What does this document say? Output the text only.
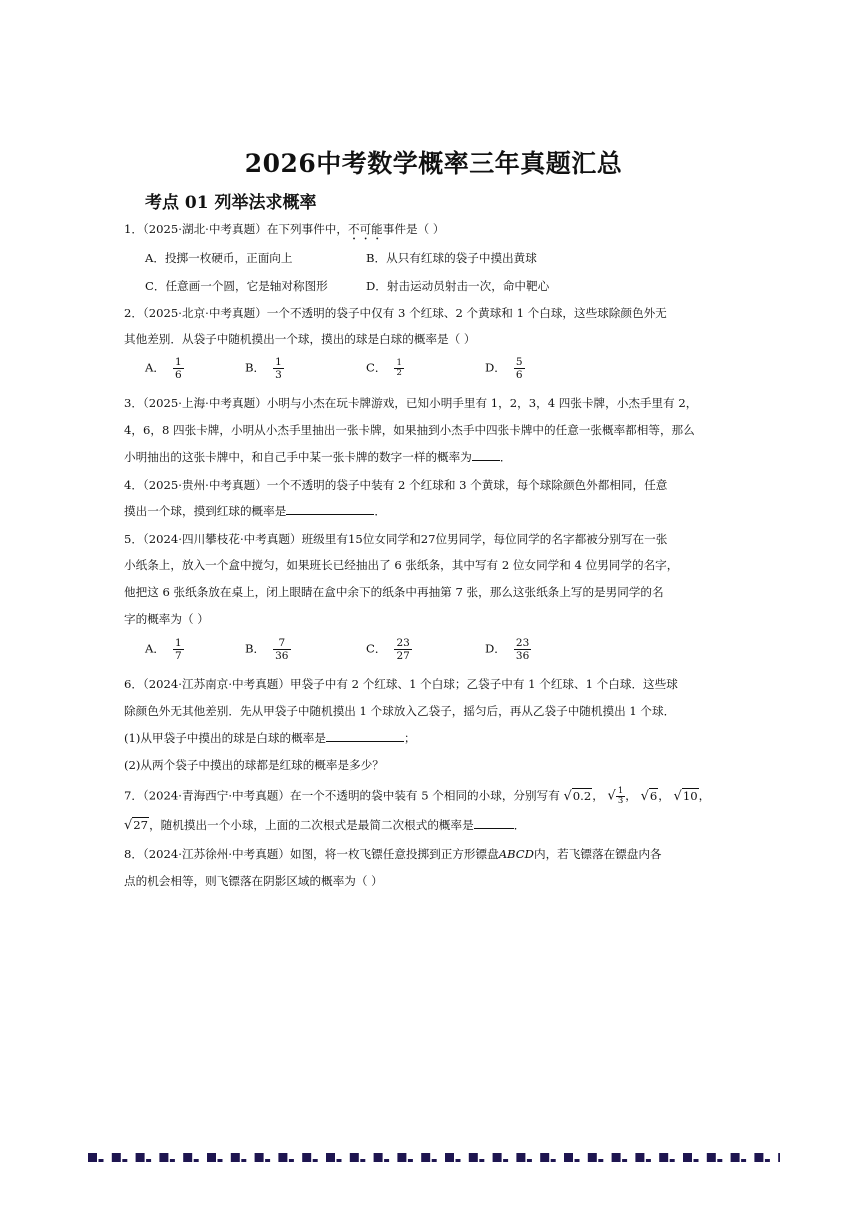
2026中考数学概率三年真题汇总
考点 01 列举法求概率
1．（2025·湖北·中考真题）在下列事件中，不可能事件是（ ）
A．投掷一枚硬币，正面向上	B．从只有红球的袋子中摸出黄球
C．任意画一个圆，它是轴对称图形	D．射击运动员射击一次，命中靶心
2．（2025·北京·中考真题）一个不透明的袋子中仅有 3 个红球、2 个黄球和 1 个白球，这些球除颜色外无
其他差别．从袋子中随机摸出一个球，摸出的球是白球的概率是（ ）
A． $\frac{1}{6}$	B． $\frac{1}{3}$	C． $\frac{1}{2}$	D． $\frac{5}{6}$
3．（2025·上海·中考真题）小明与小杰在玩卡牌游戏，已知小明手里有 1，2，3，4 四张卡牌，小杰手里有 2，
4，6，8 四张卡牌，小明从小杰手里抽出一张卡牌，如果抽到小杰手中四张卡牌中的任意一张概率都相等，那么
小明抽出的这张卡牌中，和自己手中某一张卡牌的数字一样的概率为 ．
4．（2025·贵州·中考真题）一个不透明的袋子中装有 2 个红球和 3 个黄球，每个球除颜色外都相同，任意
摸出一个球，摸到红球的概率是	．
5．（2024·四川攀枝花·中考真题）班级里有15位女同学和27位男同学，每位同学的名字都被分别写在一张
小纸条上，放入一个盒中搅匀，如果班长已经抽出了 6 张纸条，其中写有 2 位女同学和 4 位男同学的名字，
他把这 6 张纸条放在桌上，闭上眼睛在盒中余下的纸条中再抽第 7 张，那么这张纸条上写的是男同学的名
字的概率为（ ）
A． $\frac{1}{7}$	B． $\frac{7}{36}$	C． $\frac{23}{27}$	D． $\frac{23}{36}$
6．（2024·江苏南京·中考真题）甲袋子中有 2 个红球、1 个白球；乙袋子中有 1 个红球、1 个白球．这些球
除颜色外无其他差别．先从甲袋子中随机摸出 1 个球放入乙袋子，摇匀后，再从乙袋子中随机摸出 1 个球．
(1)从甲袋子中摸出的球是白球的概率是	；
(2)从两个袋子中摸出的球都是红球的概率是多少？
7．（2024·青海西宁·中考真题）在一个不透明的袋中装有 5 个相同的小球，分别写有 √0.2， √ $\frac{1}{3}$ ， √6， √10，
√27，随机摸出一个小球，上面的二次根式是最简二次根式的概率是	．
8．（2024·江苏徐州·中考真题）如图，将一枚飞镖任意投掷到正方形镖盘ABCD内，若飞镖落在镖盘内各
点的机会相等，则飞镖落在阴影区域的概率为（ ）
